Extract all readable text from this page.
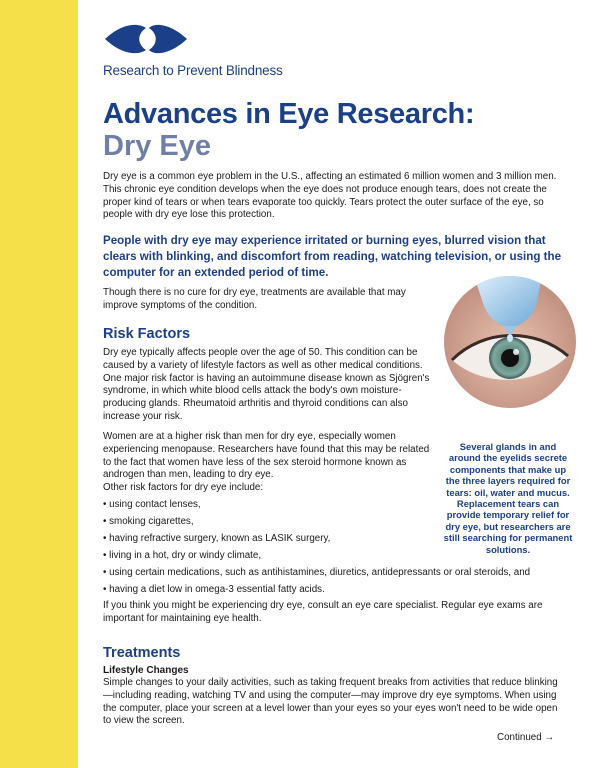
Research to Prevent Blindness
Advances in Eye Research:
Dry Eye
Dry eye is a common eye problem in the U.S., affecting an estimated 6 million women and 3 million men. This chronic eye condition develops when the eye does not produce enough tears, does not create the proper kind of tears or when tears evaporate too quickly. Tears protect the outer surface of the eye, so people with dry eye lose this protection.
People with dry eye may experience irritated or burning eyes, blurred vision that clears with blinking, and discomfort from reading, watching television, or using the computer for an extended period of time.
Though there is no cure for dry eye, treatments are available that may improve symptoms of the condition.
Risk Factors
Dry eye typically affects people over the age of 50. This condition can be caused by a variety of lifestyle factors as well as other medical conditions. One major risk factor is having an autoimmune disease known as Sjögren's syndrome, in which white blood cells attack the body's own moisture-producing glands. Rheumatoid arthritis and thyroid conditions can also increase your risk.
Women are at a higher risk than men for dry eye, especially women experiencing menopause. Researchers have found that this may be related to the fact that women have less of the sex steroid hormone known as androgen than men, leading to dry eye.
Other risk factors for dry eye include:
• using contact lenses,
• smoking cigarettes,
• having refractive surgery, known as LASIK surgery,
• living in a hot, dry or windy climate,
• using certain medications, such as antihistamines, diuretics, antidepressants or oral steroids, and
• having a diet low in omega-3 essential fatty acids.
If you think you might be experiencing dry eye, consult an eye care specialist. Regular eye exams are important for maintaining eye health.
Several glands in and around the eyelids secrete components that make up the three layers required for tears: oil, water and mucus. Replacement tears can provide temporary relief for dry eye, but researchers are still searching for permanent solutions.
Treatments
Lifestyle Changes
Simple changes to your daily activities, such as taking frequent breaks from activities that reduce blinking—including reading, watching TV and using the computer—may improve dry eye symptoms. When using the computer, place your screen at a level lower than your eyes so your eyes won't need to be wide open to view the screen.
Continued →
